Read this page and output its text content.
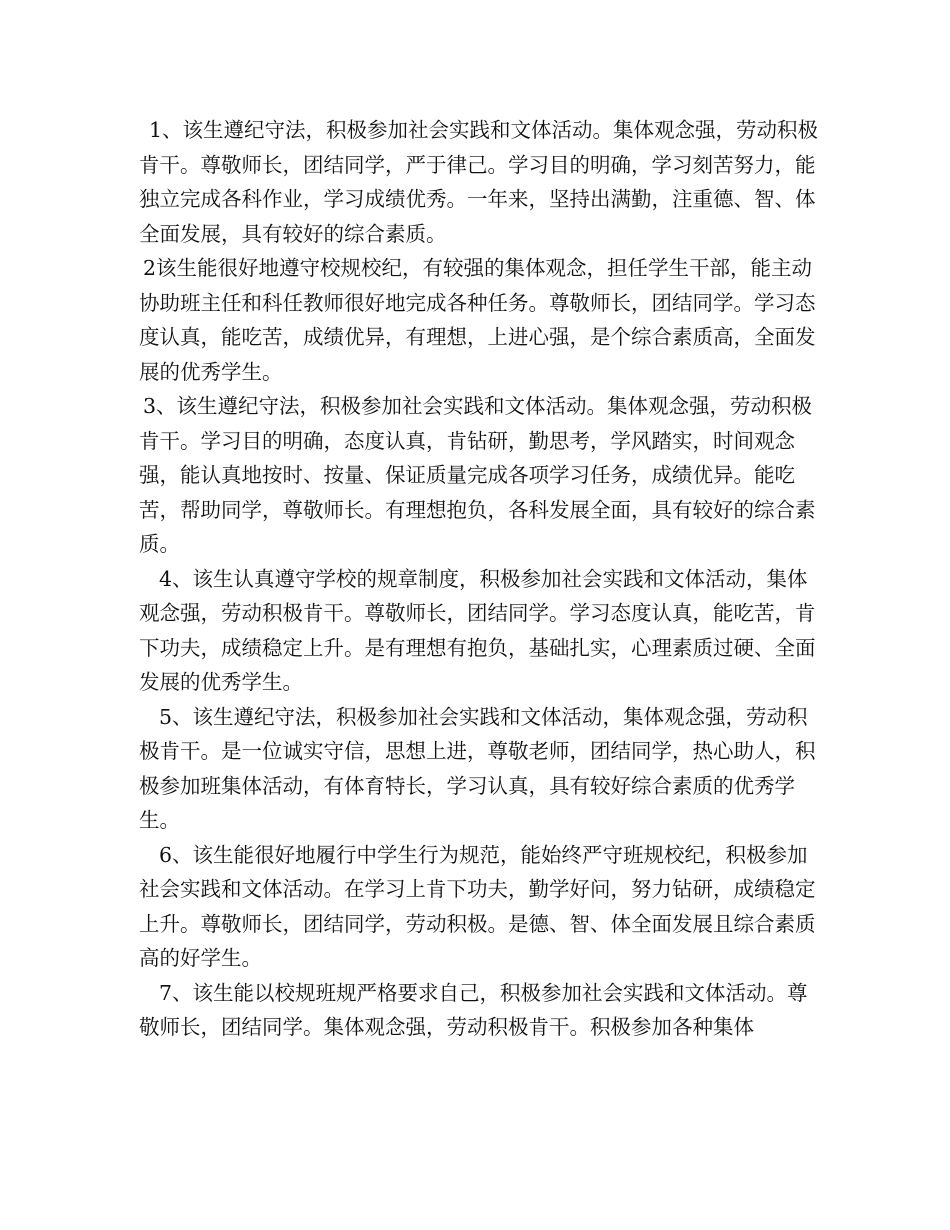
1、该生遵纪守法，积极参加社会实践和文体活动。集体观念强，劳动积极肯干。尊敬师长，团结同学，严于律己。学习目的明确，学习刻苦努力，能独立完成各科作业，学习成绩优秀。一年来，坚持出满勤，注重德、智、体全面发展，具有较好的综合素质。

2该生能很好地遵守校规校纪，有较强的集体观念，担任学生干部，能主动协助班主任和科任教师很好地完成各种任务。尊敬师长，团结同学。学习态度认真，能吃苦，成绩优异，有理想，上进心强，是个综合素质高，全面发展的优秀学生。

3、该生遵纪守法，积极参加社会实践和文体活动。集体观念强，劳动积极肯干。学习目的明确，态度认真，肯钻研，勤思考，学风踏实，时间观念强，能认真地按时、按量、保证质量完成各项学习任务，成绩优异。能吃苦，帮助同学，尊敬师长。有理想抱负，各科发展全面，具有较好的综合素质。

4、该生认真遵守学校的规章制度，积极参加社会实践和文体活动，集体观念强，劳动积极肯干。尊敬师长，团结同学。学习态度认真，能吃苦，肯下功夫，成绩稳定上升。是有理想有抱负，基础扎实，心理素质过硬、全面发展的优秀学生。

5、该生遵纪守法，积极参加社会实践和文体活动，集体观念强，劳动积极肯干。是一位诚实守信，思想上进，尊敬老师，团结同学，热心助人，积极参加班集体活动，有体育特长，学习认真，具有较好综合素质的优秀学生。

6、该生能很好地履行中学生行为规范，能始终严守班规校纪，积极参加社会实践和文体活动。在学习上肯下功夫，勤学好问，努力钻研，成绩稳定上升。尊敬师长，团结同学，劳动积极。是德、智、体全面发展且综合素质高的好学生。

7、该生能以校规班规严格要求自己，积极参加社会实践和文体活动。尊敬师长，团结同学。集体观念强，劳动积极肯干。积极参加各种集体
